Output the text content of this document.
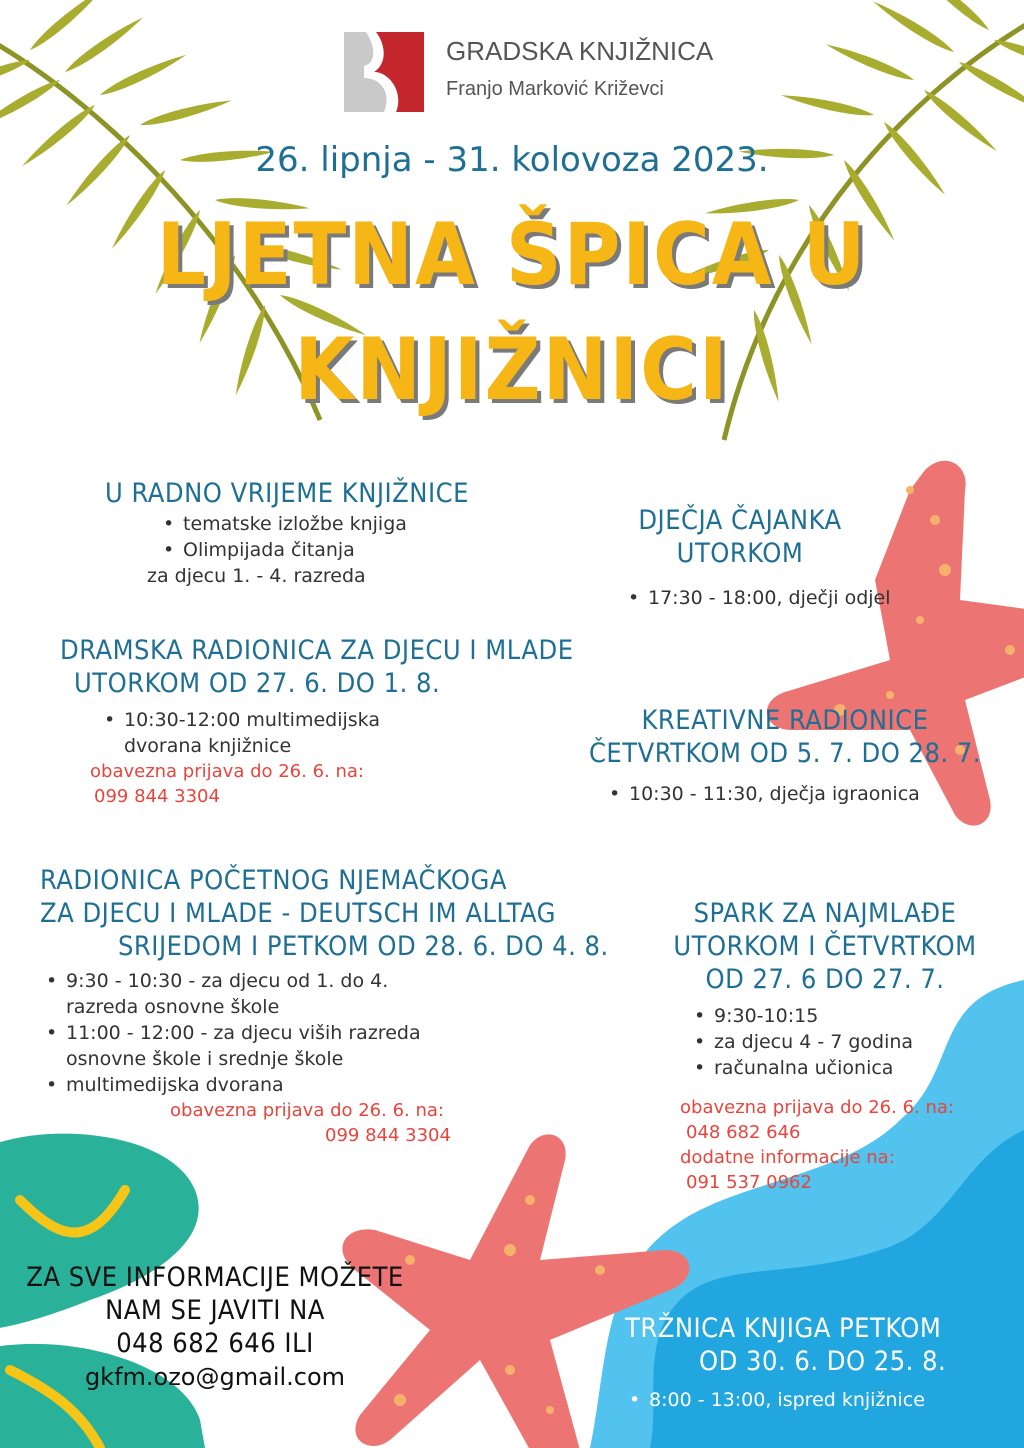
GRADSKA KNJIŽNICA
Franjo Marković Križevci
26. lipnja - 31. kolovoza 2023.
LJETNA ŠPICA U
KNJIŽNICI
U RADNO VRIJEME KNJIŽNICE
• tematske izložbe knjiga
• Olimpijada čitanja
za djecu 1. - 4. razreda
DJEČJA ČAJANKA
UTORKOM
• 17:30 - 18:00, dječji odjel
DRAMSKA RADIONICA ZA DJECU I MLADE
UTORKOM OD 27. 6. DO 1. 8.
• 10:30-12:00 multimedijska
dvorana knjižnice
obavezna prijava do 26. 6. na:
099 844 3304
KREATIVNE RADIONICE
ČETVRTKOM OD 5. 7. DO 28. 7.
• 10:30 - 11:30, dječja igraonica
RADIONICA POČETNOG NJEMAČKOGA
ZA DJECU I MLADE - DEUTSCH IM ALLTAG
SRIJEDOM I PETKOM OD 28. 6. DO 4. 8.
• 9:30 - 10:30 - za djecu od 1. do 4.
razreda osnovne škole
• 11:00 - 12:00 - za djecu viših razreda
osnovne škole i srednje škole
• multimedijska dvorana
obavezna prijava do 26. 6. na:
099 844 3304
SPARK ZA NAJMLAĐE
UTORKOM I ČETVRTKOM
OD 27. 6 DO 27. 7.
• 9:30-10:15
• za djecu 4 - 7 godina
• računalna učionica
obavezna prijava do 26. 6. na:
048 682 646
dodatne informacije na:
091 537 0962
ZA SVE INFORMACIJE MOŽETE
NAM SE JAVITI NA
048 682 646 ILI
gkfm.ozo@gmail.com
TRŽNICA KNJIGA PETKOM
OD 30. 6. DO 25. 8.
• 8:00 - 13:00, ispred knjižnice
